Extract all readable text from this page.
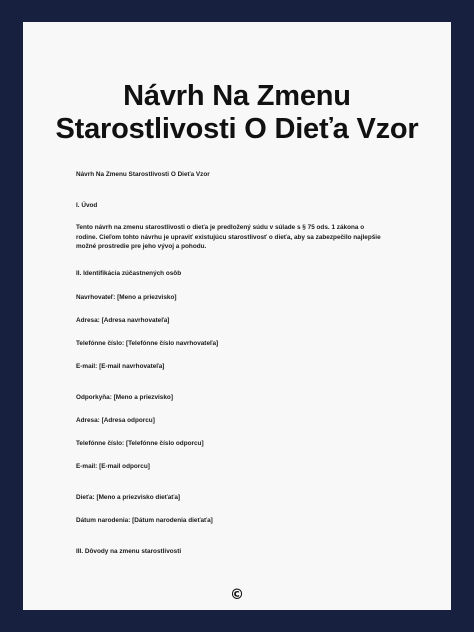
Návrh Na Zmenu
Starostlivosti O Dieťa Vzor
Návrh Na Zmenu Starostlivosti O Dieťa Vzor
I. Úvod
Tento návrh na zmenu starostlivosti o dieťa je predložený súdu v súlade s § 75 ods. 1 zákona o rodine. Cieľom tohto návrhu je upraviť existujúcu starostlivosť o dieťa, aby sa zabezpečilo najlepšie možné prostredie pre jeho vývoj a pohodu.
II. Identifikácia zúčastnených osôb
Navrhovateľ: [Meno a priezvisko]
Adresa: [Adresa navrhovateľa]
Telefónne číslo: [Telefónne číslo navrhovateľa]
E-mail: [E-mail navrhovateľa]
Odporkyňa: [Meno a priezvisko]
Adresa: [Adresa odporcu]
Telefónne číslo: [Telefónne číslo odporcu]
E-mail: [E-mail odporcu]
Dieťa: [Meno a priezvisko dieťaťa]
Dátum narodenia: [Dátum narodenia dieťaťa]
III. Dôvody na zmenu starostlivosti
©
